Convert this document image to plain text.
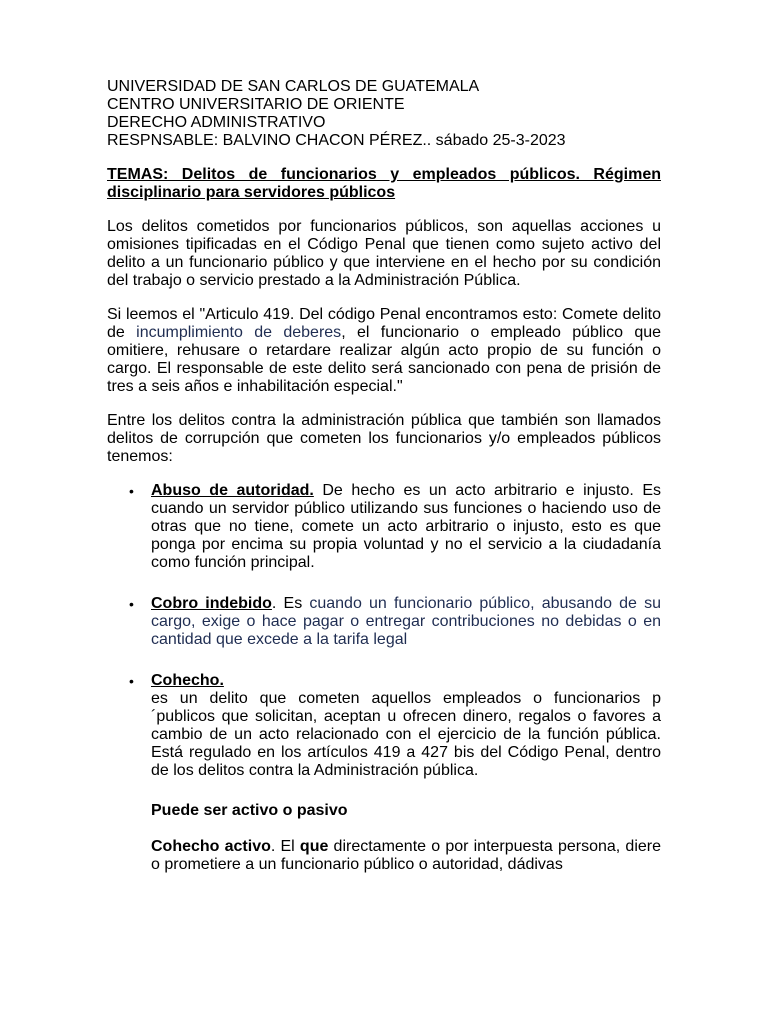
UNIVERSIDAD DE SAN CARLOS DE GUATEMALA

CENTRO UNIVERSITARIO DE ORIENTE

DERECHO ADMINISTRATIVO

RESPNSABLE: BALVINO CHACON PÉREZ.. sábado 25-3-2023

TEMAS: Delitos de funcionarios y empleados públicos. Régimen disciplinario para servidores públicos

Los delitos cometidos por funcionarios públicos, son aquellas acciones u omisiones tipificadas en el Código Penal que tienen como sujeto activo del delito a un funcionario público y que interviene en el hecho por su condición del trabajo o servicio prestado a la Administración Pública.

Si leemos el "Articulo 419. Del código Penal encontramos esto: Comete delito de incumplimiento de deberes, el funcionario o empleado público que omitiere, rehusare o retardare realizar algún acto propio de su función o cargo. El responsable de este delito será sancionado con pena de prisión de tres a seis años e inhabilitación especial."

Entre los delitos contra la administración pública que también son llamados delitos de corrupción que cometen los funcionarios y/o empleados públicos tenemos:

• Abuso de autoridad. De hecho es un acto arbitrario e injusto. Es cuando un servidor público utilizando sus funciones o haciendo uso de otras que no tiene, comete un acto arbitrario o injusto, esto es que ponga por encima su propia voluntad y no el servicio a la ciudadanía como función principal.
• Cobro indebido. Es cuando un funcionario público, abusando de su cargo, exige o hace pagar o entregar contribuciones no debidas o en cantidad que excede a la tarifa legal
• Cohecho.
es un delito que cometen aquellos empleados o funcionarios p ´publicos que solicitan, aceptan u ofrecen dinero, regalos o favores a cambio de un acto relacionado con el ejercicio de la función pública. Está regulado en los artículos 419 a 427 bis del Código Penal, dentro de los delitos contra la Administración pública.

Puede ser activo o pasivo

Cohecho activo. El que directamente o por interpuesta persona, diere o prometiere a un funcionario público o autoridad, dádivas
